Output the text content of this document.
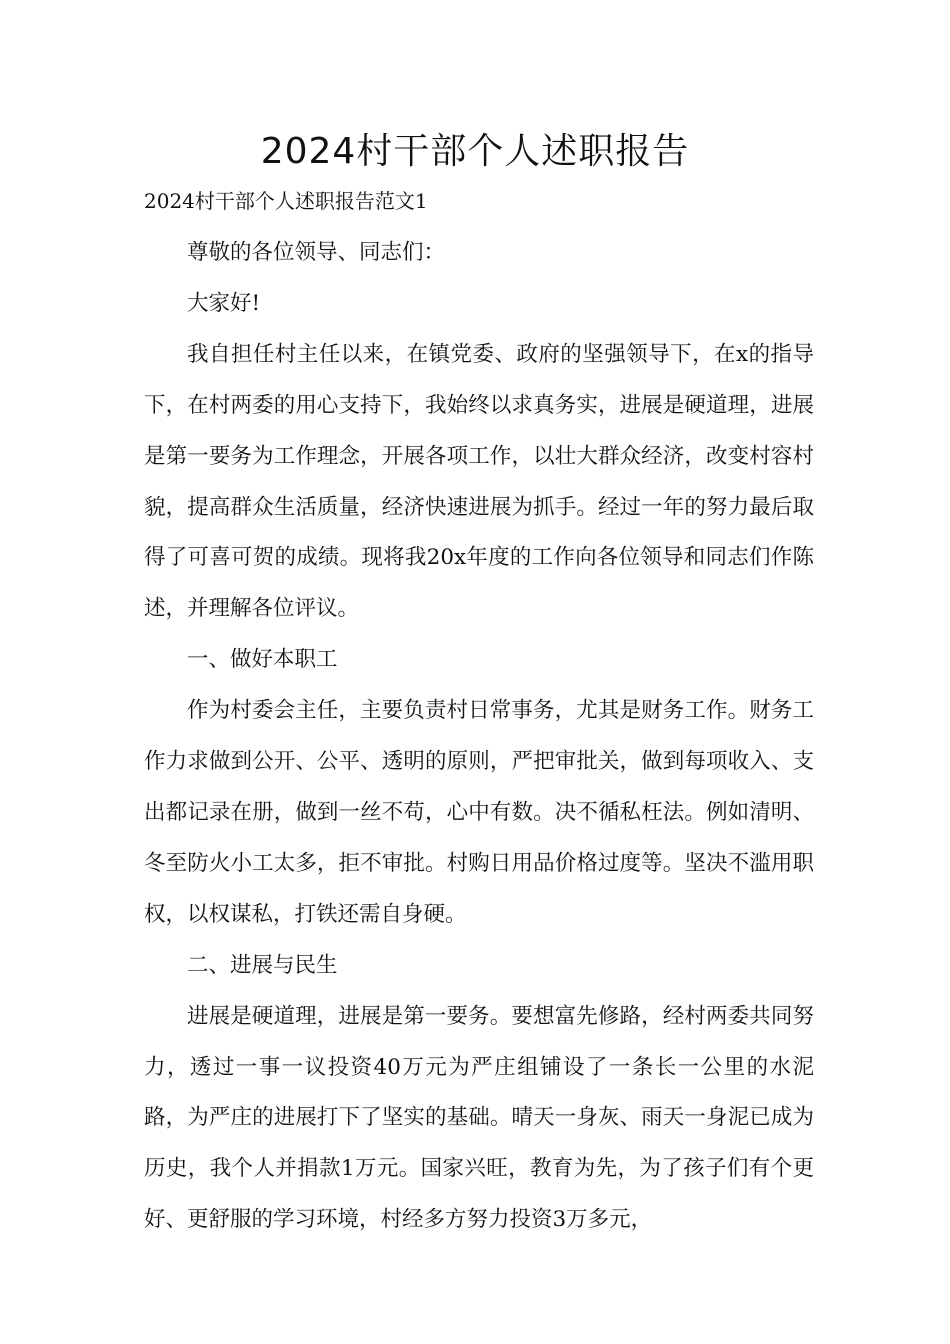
2024村干部个人述职报告

2024村干部个人述职报告范文1

尊敬的各位领导、同志们：

大家好!

我自担任村主任以来，在镇党委、政府的坚强领导下，在x的指导下，在村两委的用心支持下，我始终以求真务实，进展是硬道理，进展是第一要务为工作理念，开展各项工作，以壮大群众经济，改变村容村貌，提高群众生活质量，经济快速进展为抓手。经过一年的努力最后取得了可喜可贺的成绩。现将我20x年度的工作向各位领导和同志们作陈述，并理解各位评议。

一、做好本职工

作为村委会主任，主要负责村日常事务，尤其是财务工作。财务工作力求做到公开、公平、透明的原则，严把审批关，做到每项收入、支出都记录在册，做到一丝不苟，心中有数。决不循私枉法。例如清明、冬至防火小工太多，拒不审批。村购日用品价格过度等。坚决不滥用职权，以权谋私，打铁还需自身硬。

二、进展与民生

进展是硬道理，进展是第一要务。要想富先修路，经村两委共同努力，透过一事一议投资40万元为严庄组铺设了一条长一公里的水泥路，为严庄的进展打下了坚实的基础。晴天一身灰、雨天一身泥已成为历史，我个人并捐款1万元。国家兴旺，教育为先，为了孩子们有个更好、更舒服的学习环境，村经多方努力投资3万多元，
